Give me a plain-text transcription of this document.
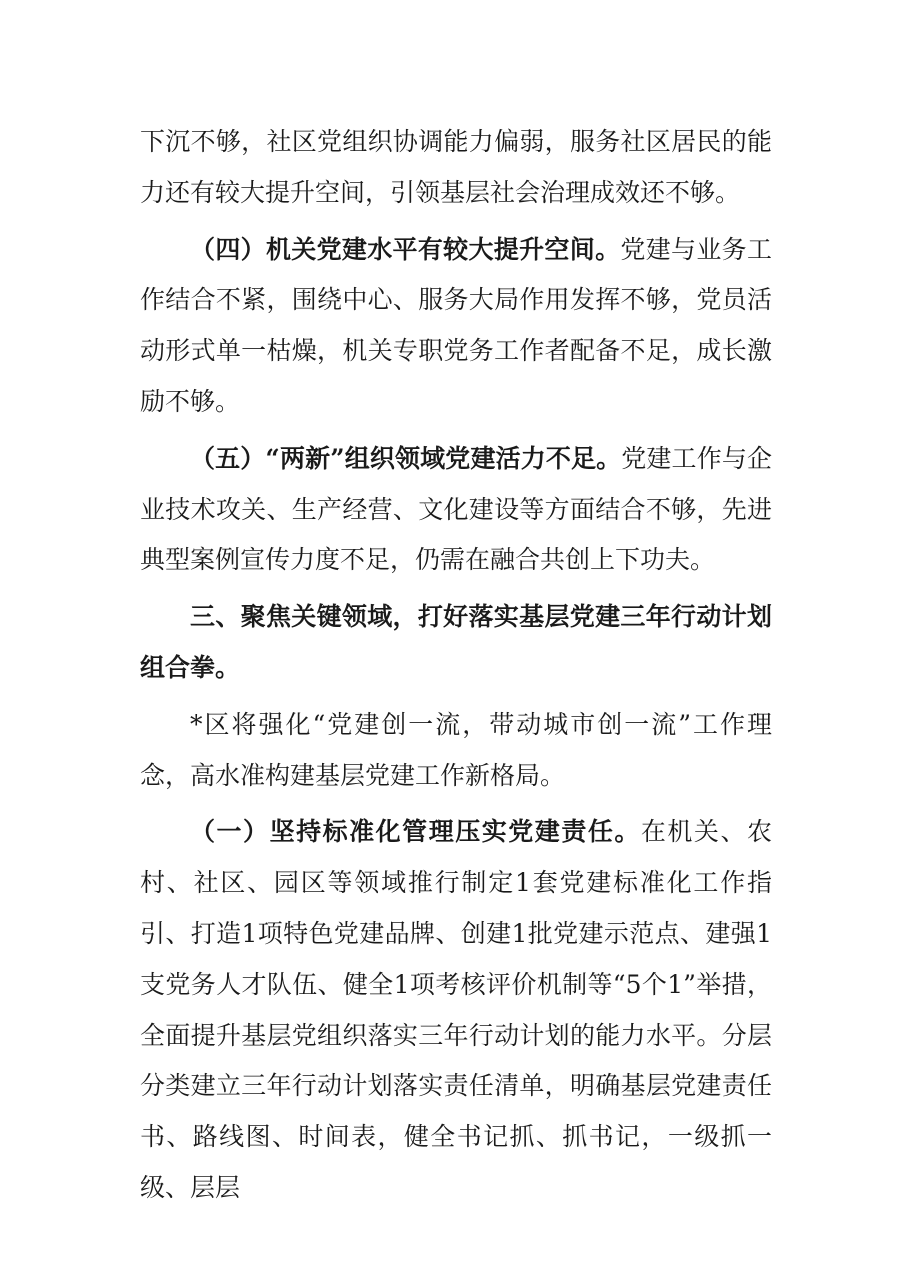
下沉不够，社区党组织协调能力偏弱，服务社区居民的能力还有较大提升空间，引领基层社会治理成效还不够。

（四）机关党建水平有较大提升空间。党建与业务工作结合不紧，围绕中心、服务大局作用发挥不够，党员活动形式单一枯燥，机关专职党务工作者配备不足，成长激励不够。

（五）“两新”组织领域党建活力不足。党建工作与企业技术攻关、生产经营、文化建设等方面结合不够，先进典型案例宣传力度不足，仍需在融合共创上下功夫。

三、聚焦关键领域，打好落实基层党建三年行动计划组合拳。

*区将强化“党建创一流，带动城市创一流”工作理念，高水准构建基层党建工作新格局。

（一）坚持标准化管理压实党建责任。在机关、农村、社区、园区等领域推行制定1套党建标准化工作指引、打造1项特色党建品牌、创建1批党建示范点、建强1支党务人才队伍、健全1项考核评价机制等“5个1”举措，全面提升基层党组织落实三年行动计划的能力水平。分层分类建立三年行动计划落实责任清单，明确基层党建责任书、路线图、时间表，健全书记抓、抓书记，一级抓一级、层层
